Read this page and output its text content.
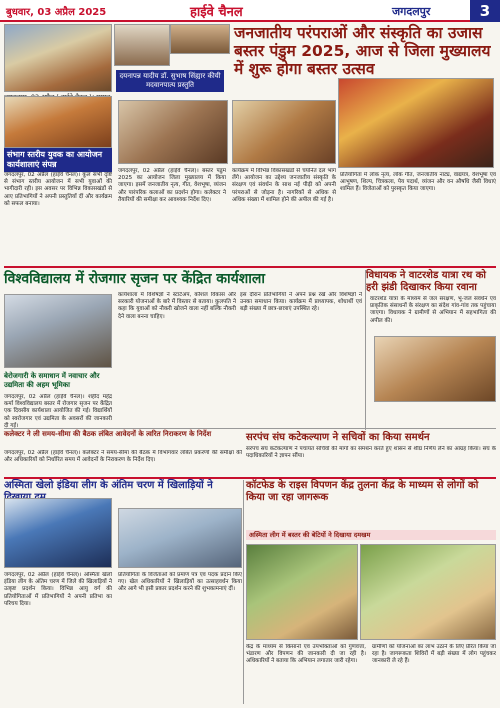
बुधवार, 03 अप्रैल 2025	हाईवे चैनल	जगदलपुर	3
दयनापन्न यादीय डॉ. सुभाष सिंह्यार कीयी मदवानपात्य प्रस्तुति
जनजातीय परंपराओं और संस्कृति का उजास बस्तर पंडुम 2025, आज से जिला मुख्यालय में शुरू होगा बस्तर उत्सव
संभाग स्तरीय युवक का आयोजन कार्यशालाएं संपन्न
जगदलपुर, 02 अप्रैल (हाईवे चैनल)। कुल सभी दृष्टि से संभाग स्तरीय आयोजन में सभी युवाओं की भागीदारी रही। इस अवसर पर विभिन्न विकासखंडों से आए प्रतिभागियों ने अपनी प्रस्तुतियाँ दीं और कार्यक्रम को सफल बनाया।
जगदलपुर, 02 अप्रैल (हाईवे चैनल)। बस्तर पंडुम 2025 का आयोजन जिला मुख्यालय में किया जाएगा। इसमें जनजातीय नृत्य, गीत, वेशभूषा, व्यंजन और पारंपरिक कलाओं का प्रदर्शन होगा। कलेक्टर ने तैयारियों की समीक्षा कर आवश्यक निर्देश दिए।
कार्यक्रम में विभिन्न विकासखंडों से चयनित दल भाग लेंगे। आयोजन का उद्देश्य जनजातीय संस्कृति के संरक्षण एवं संवर्धन के साथ नई पीढ़ी को अपनी परंपराओं से जोड़ना है। नागरिकों से अधिक से अधिक संख्या में शामिल होने की अपील की गई है।
प्रतियोगिता में लोक नृत्य, लोक गीत, जनजातीय नाट्य, वाद्ययंत्र, वेशभूषा एवं आभूषण, शिल्प, चित्रकला, पेय पदार्थ, व्यंजन और वन औषधि जैसी विधाएं शामिल हैं। विजेताओं को पुरस्कृत किया जाएगा।
विश्वविद्यालय में रोजगार सृजन पर केंद्रित कार्यशाला	विधायक ने वाटरशेड यात्रा रथ को हरी झंडी दिखाकर किया रवाना
बेरोजगारी के समाधान में नवाचार और उद्यमिता की अहम भूमिका
जगदलपुर, 02 अप्रैल (हाईवे चैनल)। शहीद महेंद्र कर्मा विश्वविद्यालय बस्तर में रोजगार सृजन पर केंद्रित एक दिवसीय कार्यशाला आयोजित की गई। विद्यार्थियों को स्वरोजगार एवं उद्यमिता के अवसरों की जानकारी दी गई।
कार्यशाला में विशेषज्ञों ने स्टार्टअप, कौशल विकास और सरकारी योजनाओं के बारे में विस्तार से बताया। कुलपति ने कहा कि युवाओं को नौकरी खोजने वाला नहीं बल्कि नौकरी देने वाला बनना चाहिए।
इस दौरान प्रतिभागियों ने अपने प्रश्न रखे और विशेषज्ञों ने उनका समाधान किया। कार्यक्रम में प्राध्यापक, शोधार्थी एवं बड़ी संख्या में छात्र-छात्राएं उपस्थित रहे।
वाटरशेड यात्रा के माध्यम से जल संरक्षण, भू-जल संवर्धन एवं प्राकृतिक संसाधनों के संरक्षण का संदेश गांव-गांव तक पहुंचाया जाएगा। विधायक ने ग्रामीणों से अभियान में सहभागिता की अपील की।
कलेक्टर ने ली समय-सीमा की बैठक लंबित आवेदनों के त्वरित निराकरण के निर्देश	सरपंच संघ कटेकल्याण ने सचिवों का किया समर्थन
जगदलपुर, 02 अप्रैल (हाईवे चैनल)। कलेक्टर ने समय-सीमा की बैठक में विभागवार लंबित प्रकरणों की समीक्षा की और अधिकारियों को निर्धारित समय में आवेदनों के निराकरण के निर्देश दिए।
सरपंच संघ कटेकल्याण ने पंचायत सचिवों की मांगों का समर्थन करते हुए शासन से शीघ्र निर्णय लेने का आग्रह किया। संघ के पदाधिकारियों ने ज्ञापन सौंपा।
अस्मिता खेलो इंडिया लीग के अंतिम चरण में खिलाड़ियों ने	कॉटफेड के राइस विपणन केंद्र तुलना केंद्र के माध्यम से लोगों को किया जा रहा जागरूक
अस्मिता लीग में बस्तर की बेटियों ने दिखाया दमखम
जगदलपुर, 02 अप्रैल (हाईवे चैनल)। अस्मिता खेलो इंडिया लीग के अंतिम चरण में जिले की खिलाड़ियों ने उत्कृष्ट प्रदर्शन किया। विभिन्न आयु वर्ग की प्रतियोगिताओं में प्रतिभागियों ने अपनी प्रतिभा का परिचय दिया।
प्रतियोगिता के विजेताओं को प्रमाण पत्र एवं पदक प्रदान किए गए। खेल अधिकारियों ने खिलाड़ियों का उत्साहवर्धन किया और आगे भी इसी प्रकार प्रदर्शन करने की शुभकामनाएं दीं।
केंद्र के माध्यम से किसानों एवं उपभोक्ताओं को गुणवत्ता, भंडारण और विपणन की जानकारी दी जा रही है। अधिकारियों ने बताया कि अभियान लगातार जारी रहेगा।
ग्रामीणों को योजनाओं का लाभ उठाने के लिए प्रेरित किया जा रहा है। जागरूकता शिविरों में बड़ी संख्या में लोग पहुंचकर जानकारी ले रहे हैं।
